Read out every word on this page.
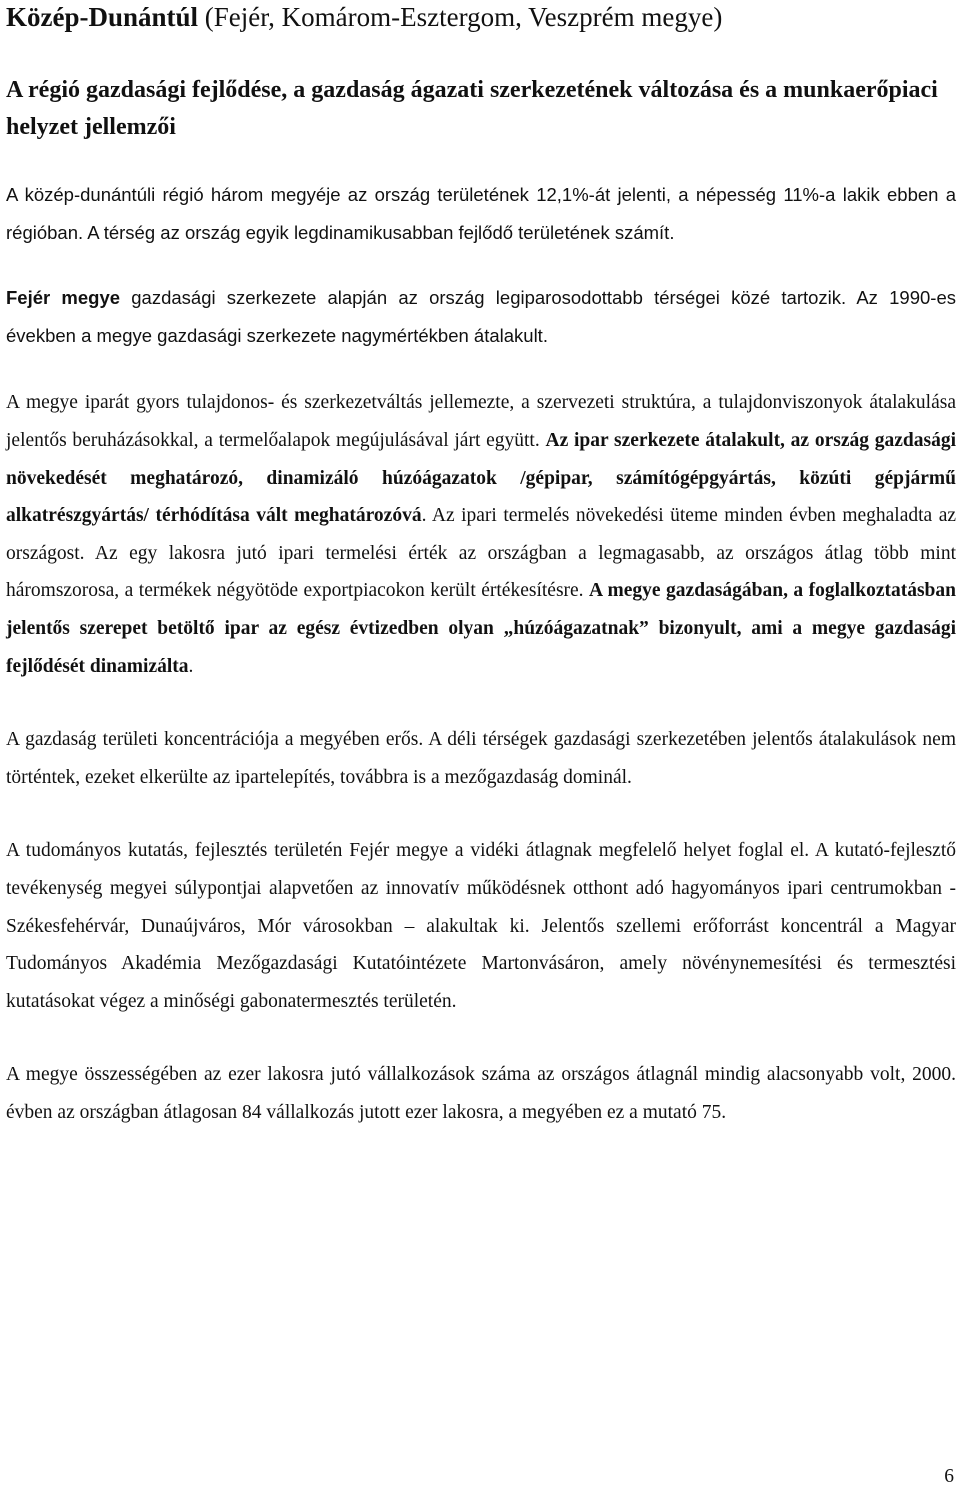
Közép-Dunántúl (Fejér, Komárom-Esztergom, Veszprém megye)
A régió gazdasági fejlődése, a gazdaság ágazati szerkezetének változása és a munkaerőpiaci helyzet jellemzői

A közép-dunántúli régió három megyéje az ország területének 12,1%-át jelenti, a népesség 11%-a lakik ebben a régióban. A térség az ország egyik legdinamikusabban fejlődő területének számít.

Fejér megye gazdasági szerkezete alapján az ország legiparosodottabb térségei közé tartozik. Az 1990-es években a megye gazdasági szerkezete nagymértékben átalakult.

A megye iparát gyors tulajdonos- és szerkezetváltás jellemezte, a szervezeti struktúra, a tulajdonviszonyok átalakulása jelentős beruházásokkal, a termelőalapok megújulásával járt együtt. Az ipar szerkezete átalakult, az ország gazdasági növekedését meghatározó, dinamizáló húzóágazatok /gépipar, számítógépgyártás, közúti gépjármű alkatrészgyártás/ térhódítása vált meghatározóvá. Az ipari termelés növekedési üteme minden évben meghaladta az országost. Az egy lakosra jutó ipari termelési érték az országban a legmagasabb, az országos átlag több mint háromszorosa, a termékek négyötöde exportpiacokon került értékesítésre. A megye gazdaságában, a foglalkoztatásban jelentős szerepet betöltő ipar az egész évtizedben olyan „húzóágazatnak” bizonyult, ami a megye gazdasági fejlődését dinamizálta.

A gazdaság területi koncentrációja a megyében erős. A déli térségek gazdasági szerkezetében jelentős átalakulások nem történtek, ezeket elkerülte az ipartelepítés, továbbra is a mezőgazdaság dominál.

A tudományos kutatás, fejlesztés területén Fejér megye a vidéki átlagnak megfelelő helyet foglal el. A kutató-fejlesztő tevékenység megyei súlypontjai alapvetően az innovatív működésnek otthont adó hagyományos ipari centrumokban - Székesfehérvár, Dunaújváros, Mór városokban – alakultak ki. Jelentős szellemi erőforrást koncentrál a Magyar Tudományos Akadémia Mezőgazdasági Kutatóintézete Martonvásáron, amely növénynemesítési és termesztési kutatásokat végez a minőségi gabonatermesztés területén.

A megye összességében az ezer lakosra jutó vállalkozások száma az országos átlagnál mindig alacsonyabb volt, 2000. évben az országban átlagosan 84 vállalkozás jutott ezer lakosra, a megyében ez a mutató 75.

6
